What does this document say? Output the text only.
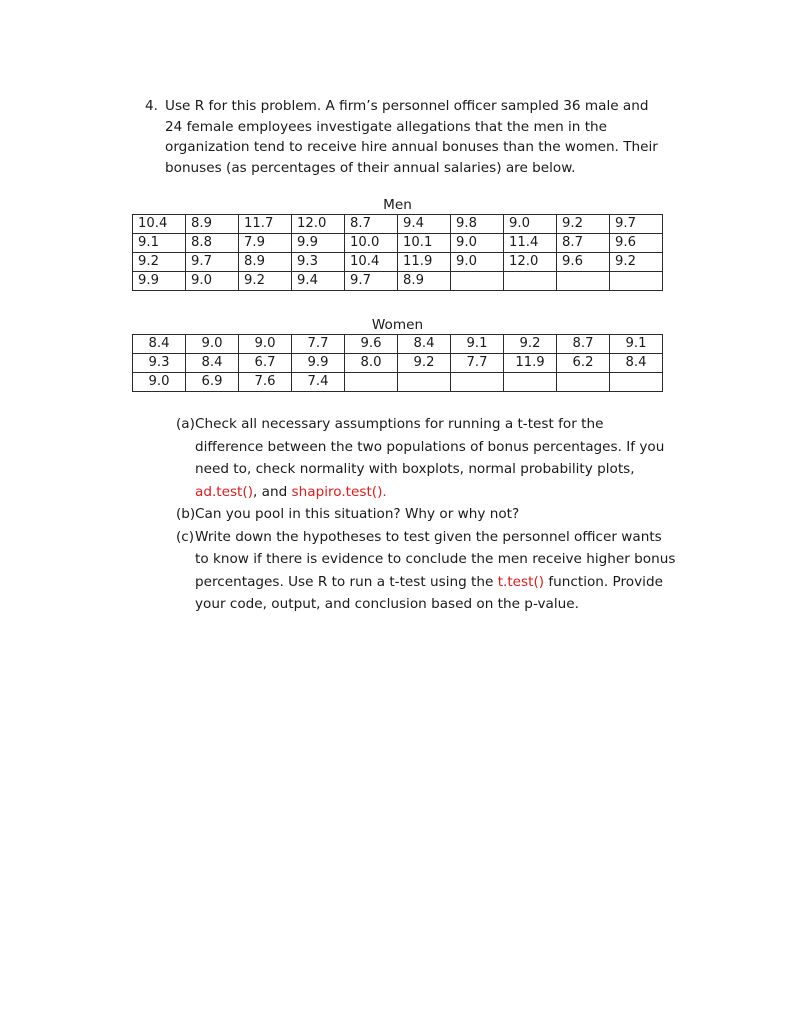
4. Use R for this problem. A firm’s personnel officer sampled 36 male and 24 female employees investigate allegations that the men in the organization tend to receive hire annual bonuses than the women. Their bonuses (as percentages of their annual salaries) are below.
Men
10.4	8.9	11.7	12.0	8.7	9.4	9.8	9.0	9.2	9.7
9.1	8.8	7.9	9.9	10.0	10.1	9.0	11.4	8.7	9.6
9.2	9.7	8.9	9.3	10.4	11.9	9.0	12.0	9.6	9.2
9.9	9.0	9.2	9.4	9.7	8.9				
Women
8.4	9.0	9.0	7.7	9.6	8.4	9.1	9.2	8.7	9.1
9.3	8.4	6.7	9.9	8.0	9.2	7.7	11.9	6.2	8.4
9.0	6.9	7.6	7.4						
(a) Check all necessary assumptions for running a t-test for the difference between the two populations of bonus percentages. If you need to, check normality with boxplots, normal probability plots, ad.test(), and shapiro.test().
(b) Can you pool in this situation? Why or why not?
(c) Write down the hypotheses to test given the personnel officer wants to know if there is evidence to conclude the men receive higher bonus percentages. Use R to run a t-test using the t.test() function. Provide your code, output, and conclusion based on the p-value.
